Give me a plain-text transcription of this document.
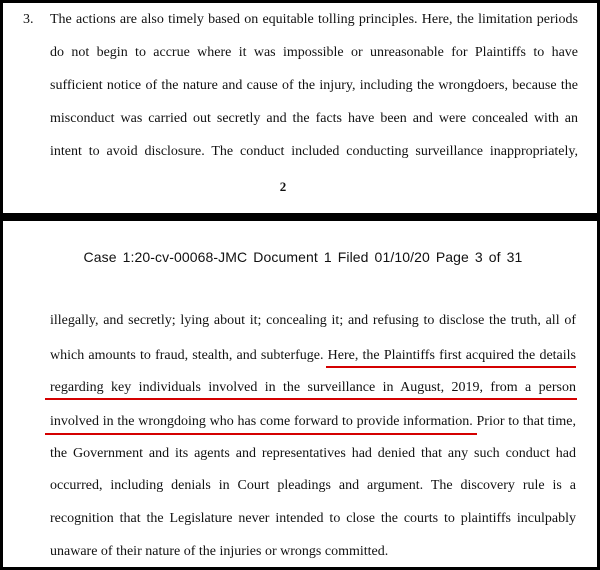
3. The actions are also timely based on equitable tolling principles. Here, the limitation periods
do not begin to accrue where it was impossible or unreasonable for Plaintiffs to have
sufficient notice of the nature and cause of the injury, including the wrongdoers, because the
misconduct was carried out secretly and the facts have been and were concealed with an
intent to avoid disclosure. The conduct included conducting surveillance inappropriately,
2
Case 1:20-cv-00068-JMC Document 1 Filed 01/10/20 Page 3 of 31
illegally, and secretly; lying about it; concealing it; and refusing to disclose the truth, all of
which amounts to fraud, stealth, and subterfuge. Here, the Plaintiffs first acquired the details
regarding key individuals involved in the surveillance in August, 2019, from a person
involved in the wrongdoing who has come forward to provide information. Prior to that time,
the Government and its agents and representatives had denied that any such conduct had
occurred, including denials in Court pleadings and argument. The discovery rule is a
recognition that the Legislature never intended to close the courts to plaintiffs inculpably
unaware of their nature of the injuries or wrongs committed.
